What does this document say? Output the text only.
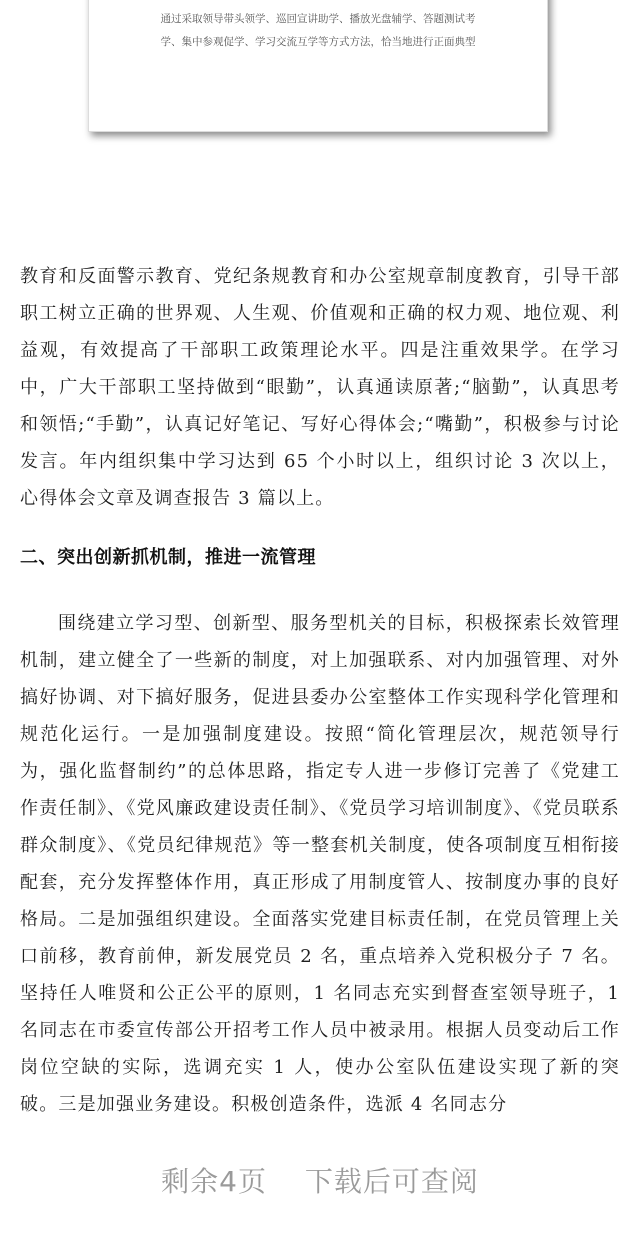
通过采取领导带头领学、巡回宣讲助学、播放光盘辅学、答题测试考
学、集中参观促学、学习交流互学等方式方法，恰当地进行正面典型
教育和反面警示教育、党纪条规教育和办公室规章制度教育，引导干部职工树立正确的世界观、人生观、价值观和正确的权力观、地位观、利益观，有效提高了干部职工政策理论水平。四是注重效果学。在学习中，广大干部职工坚持做到“眼勤”，认真通读原著;“脑勤”，认真思考和领悟;“手勤”，认真记好笔记、写好心得体会;“嘴勤”，积极参与讨论发言。年内组织集中学习达到 65 个小时以上，组织讨论 3 次以上，心得体会文章及调查报告 3 篇以上。
二、突出创新抓机制，推进一流管理
围绕建立学习型、创新型、服务型机关的目标，积极探索长效管理机制，建立健全了一些新的制度，对上加强联系、对内加强管理、对外搞好协调、对下搞好服务，促进县委办公室整体工作实现科学化管理和规范化运行。一是加强制度建设。按照“简化管理层次，规范领导行为，强化监督制约”的总体思路，指定专人进一步修订完善了《党建工作责任制》、《党风廉政建设责任制》、《党员学习培训制度》、《党员联系群众制度》、《党员纪律规范》等一整套机关制度，使各项制度互相衔接配套，充分发挥整体作用，真正形成了用制度管人、按制度办事的良好格局。二是加强组织建设。全面落实党建目标责任制，在党员管理上关口前移，教育前伸，新发展党员 2 名，重点培养入党积极分子 7 名。坚持任人唯贤和公正公平的原则，1 名同志充实到督查室领导班子，1 名同志在市委宣传部公开招考工作人员中被录用。根据人员变动后工作岗位空缺的实际，选调充实 1 人，使办公室队伍建设实现了新的突破。三是加强业务建设。积极创造条件，选派 4 名同志分
剩余4页 下载后可查阅
